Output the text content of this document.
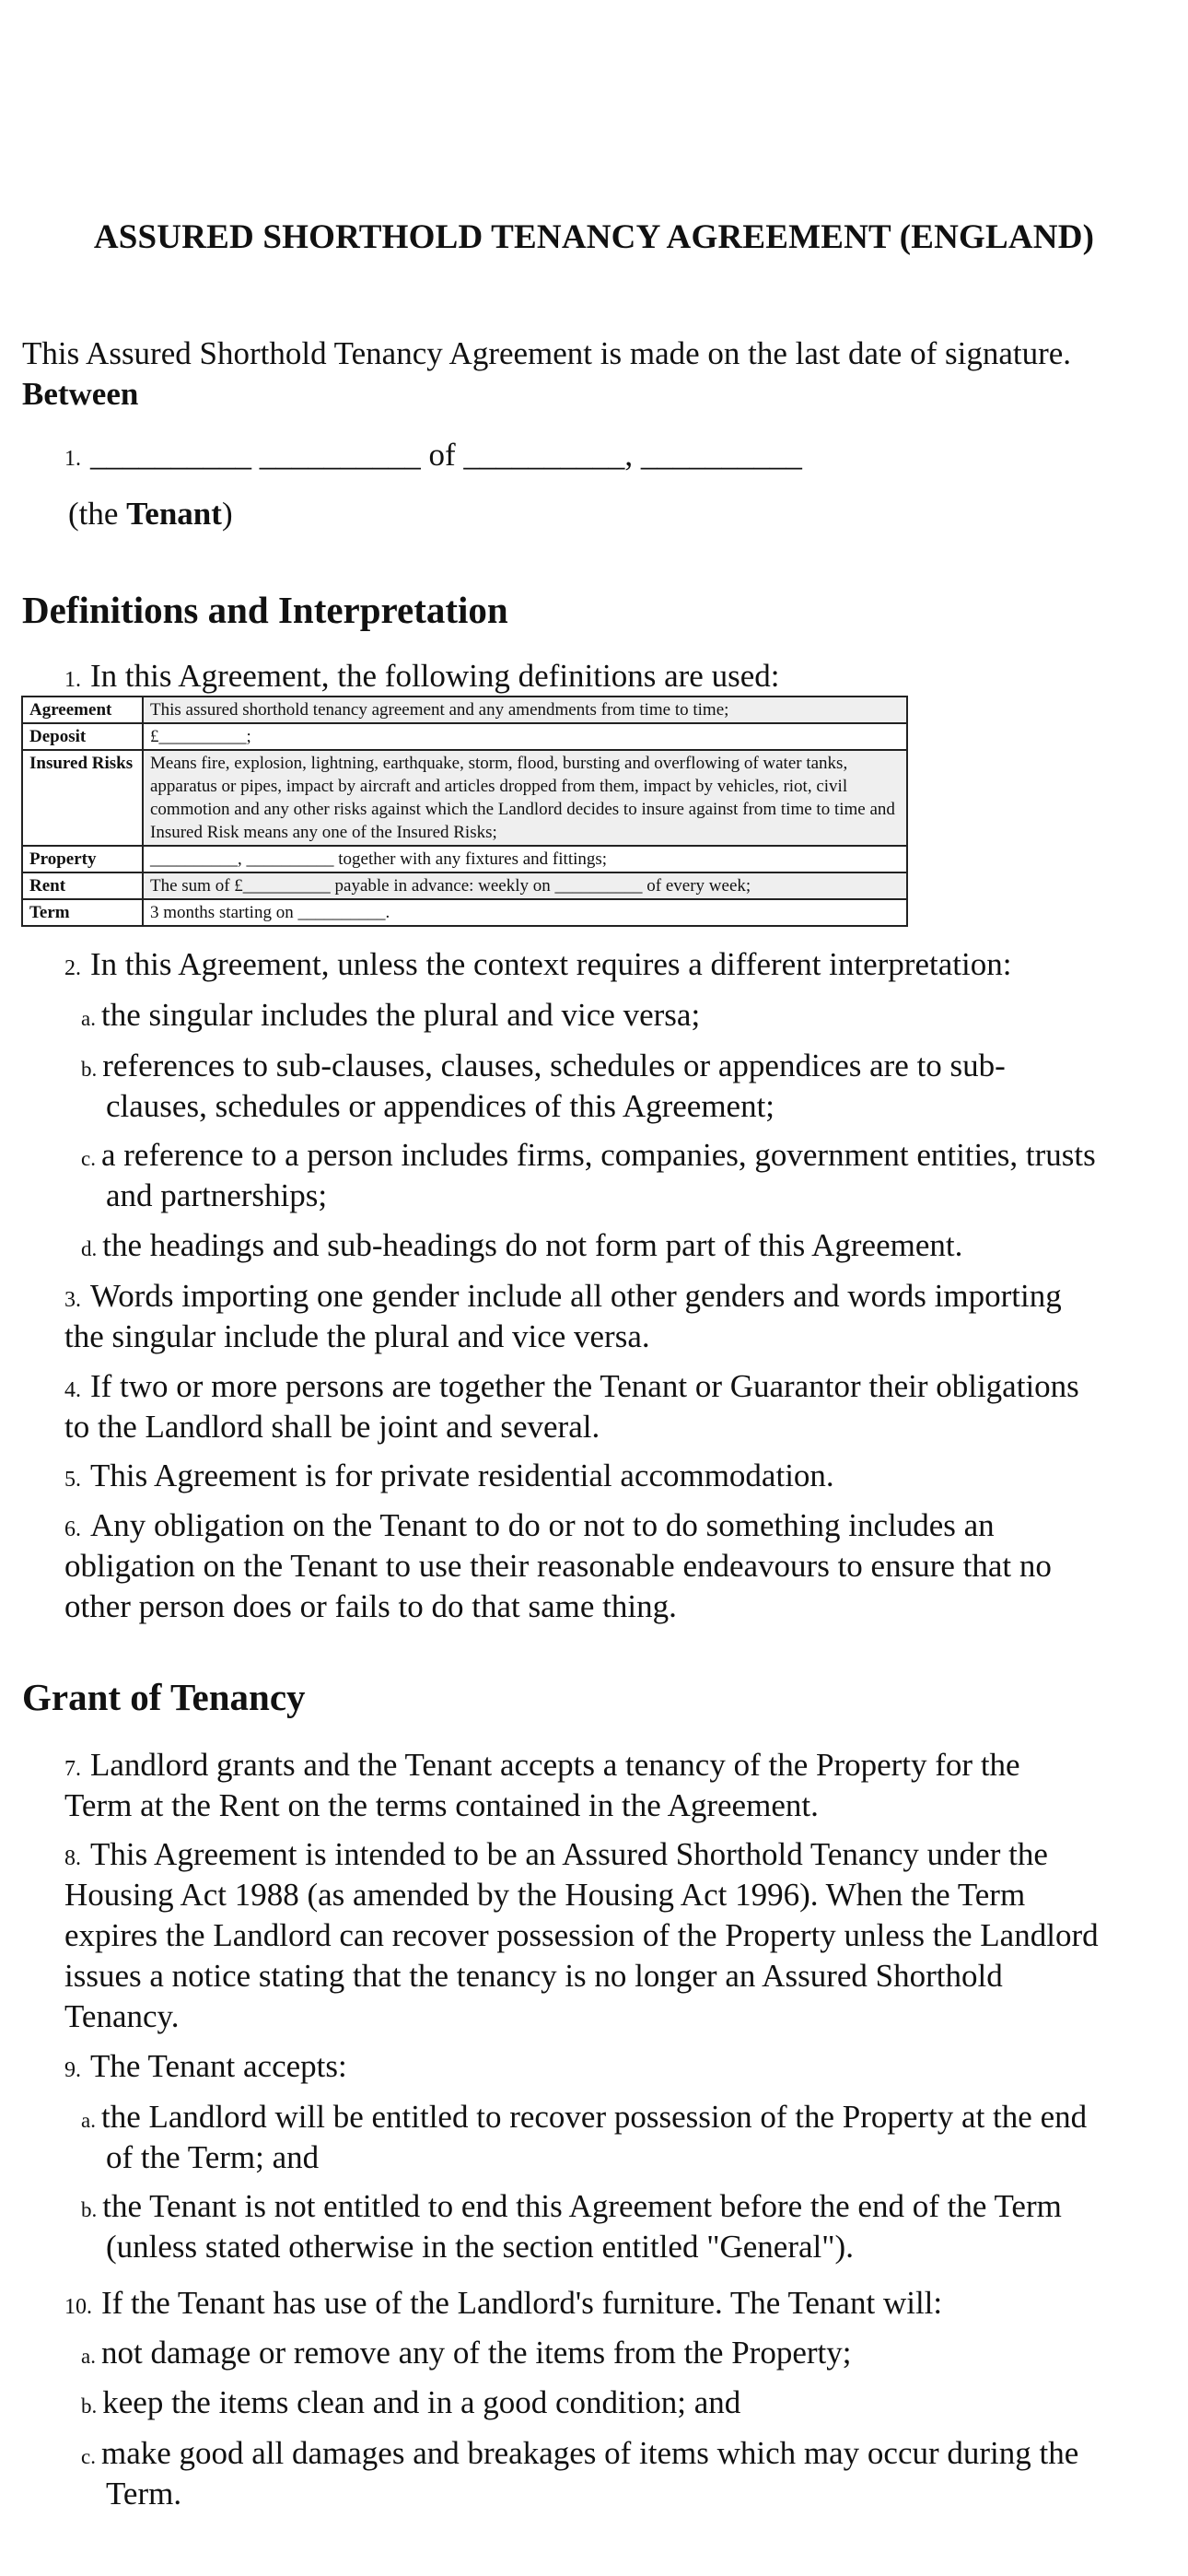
ASSURED SHORTHOLD TENANCY AGREEMENT (ENGLAND)
This Assured Shorthold Tenancy Agreement is made on the last date of signature.
Between
1. __________ __________ of __________, __________
(the Tenant)
Definitions and Interpretation
1. In this Agreement, the following definitions are used:
Agreement	This assured shorthold tenancy agreement and any amendments from time to time;
Deposit	£__________;
Insured Risks	Means fire, explosion, lightning, earthquake, storm, flood, bursting and overflowing of water tanks, apparatus or pipes, impact by aircraft and articles dropped from them, impact by vehicles, riot, civil commotion and any other risks against which the Landlord decides to insure against from time to time and Insured Risk means any one of the Insured Risks;
Property	__________, __________ together with any fixtures and fittings;
Rent	The sum of £__________ payable in advance: weekly on __________ of every week;
Term	3 months starting on __________.
2. In this Agreement, unless the context requires a different interpretation:
a. the singular includes the plural and vice versa;
b. references to sub-clauses, clauses, schedules or appendices are to sub-
clauses, schedules or appendices of this Agreement;
c. a reference to a person includes firms, companies, government entities, trusts
and partnerships;
d. the headings and sub-headings do not form part of this Agreement.
3. Words importing one gender include all other genders and words importing
the singular include the plural and vice versa.
4. If two or more persons are together the Tenant or Guarantor their obligations
to the Landlord shall be joint and several.
5. This Agreement is for private residential accommodation.
6. Any obligation on the Tenant to do or not to do something includes an
obligation on the Tenant to use their reasonable endeavours to ensure that no
other person does or fails to do that same thing.
Grant of Tenancy
7. Landlord grants and the Tenant accepts a tenancy of the Property for the
Term at the Rent on the terms contained in the Agreement.
8. This Agreement is intended to be an Assured Shorthold Tenancy under the
Housing Act 1988 (as amended by the Housing Act 1996). When the Term
expires the Landlord can recover possession of the Property unless the Landlord
issues a notice stating that the tenancy is no longer an Assured Shorthold
Tenancy.
9. The Tenant accepts:
a. the Landlord will be entitled to recover possession of the Property at the end
of the Term; and
b. the Tenant is not entitled to end this Agreement before the end of the Term
(unless stated otherwise in the section entitled "General").
10. If the Tenant has use of the Landlord's furniture. The Tenant will:
a. not damage or remove any of the items from the Property;
b. keep the items clean and in a good condition; and
c. make good all damages and breakages of items which may occur during the
Term.
